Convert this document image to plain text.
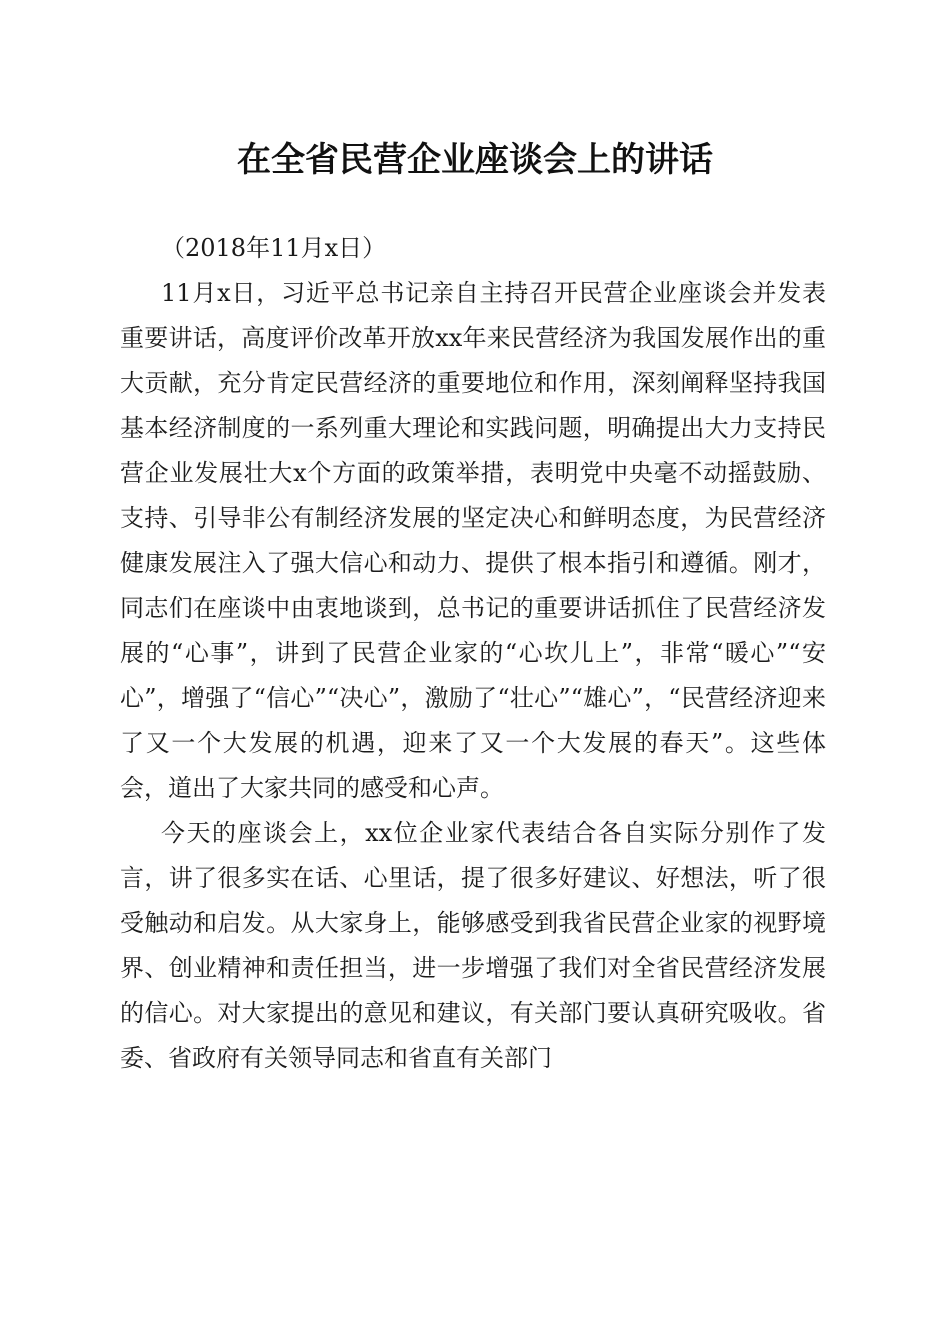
在全省民营企业座谈会上的讲话

（2018年11月x日）

11月x日，习近平总书记亲自主持召开民营企业座谈会并发表重要讲话，高度评价改革开放xx年来民营经济为我国发展作出的重大贡献，充分肯定民营经济的重要地位和作用，深刻阐释坚持我国基本经济制度的一系列重大理论和实践问题，明确提出大力支持民营企业发展壮大x个方面的政策举措，表明党中央毫不动摇鼓励、支持、引导非公有制经济发展的坚定决心和鲜明态度，为民营经济健康发展注入了强大信心和动力、提供了根本指引和遵循。刚才，同志们在座谈中由衷地谈到，总书记的重要讲话抓住了民营经济发展的“心事”，讲到了民营企业家的“心坎儿上”，非常“暖心”“安心”，增强了“信心”“决心”，激励了“壮心”“雄心”，“民营经济迎来了又一个大发展的机遇，迎来了又一个大发展的春天”。这些体会，道出了大家共同的感受和心声。

今天的座谈会上，xx位企业家代表结合各自实际分别作了发言，讲了很多实在话、心里话，提了很多好建议、好想法，听了很受触动和启发。从大家身上，能够感受到我省民营企业家的视野境界、创业精神和责任担当，进一步增强了我们对全省民营经济发展的信心。对大家提出的意见和建议，有关部门要认真研究吸收。省委、省政府有关领导同志和省直有关部门
